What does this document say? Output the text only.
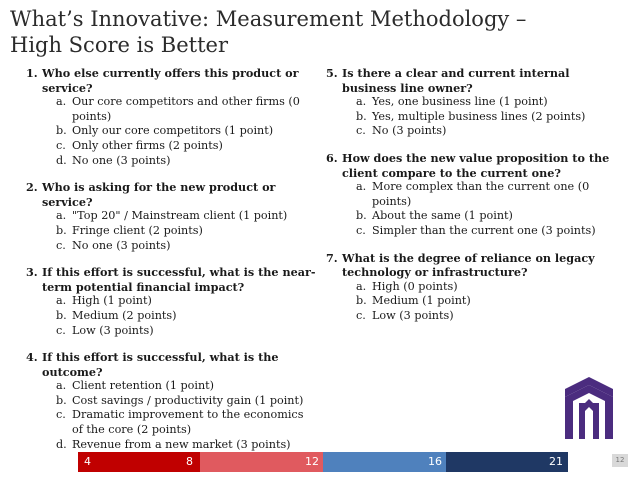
What’s Innovative: Measurement Methodology –
High Score is Better
1. Who else currently offers this product or service?
a. Our core competitors and other firms (0 points)
b. Only our core competitors (1 point)
c. Only other firms (2 points)
d. No one (3 points)
2. Who is asking for the new product or service?
a. "Top 20" / Mainstream client (1 point)
b. Fringe client (2 points)
c. No one (3 points)
3. If this effort is successful, what is the near-term potential financial impact?
a. High (1 point)
b. Medium (2 points)
c. Low (3 points)
4. If this effort is successful, what is the outcome?
a. Client retention (1 point)
b. Cost savings / productivity gain (1 point)
c. Dramatic improvement to the economics of the core (2 points)
d. Revenue from a new market (3 points)
5. Is there a clear and current internal business line owner?
a. Yes, one business line (1 point)
b. Yes, multiple business lines (2 points)
c. No (3 points)
6. How does the new value proposition to the client compare to the current one?
a. More complex than the current one (0 points)
b. About the same (1 point)
c. Simpler than the current one (3 points)
7. What is the degree of reliance on legacy technology or infrastructure?
a. High (0 points)
b. Medium (1 point)
c. Low (3 points)
4	8	12	16	21	12
